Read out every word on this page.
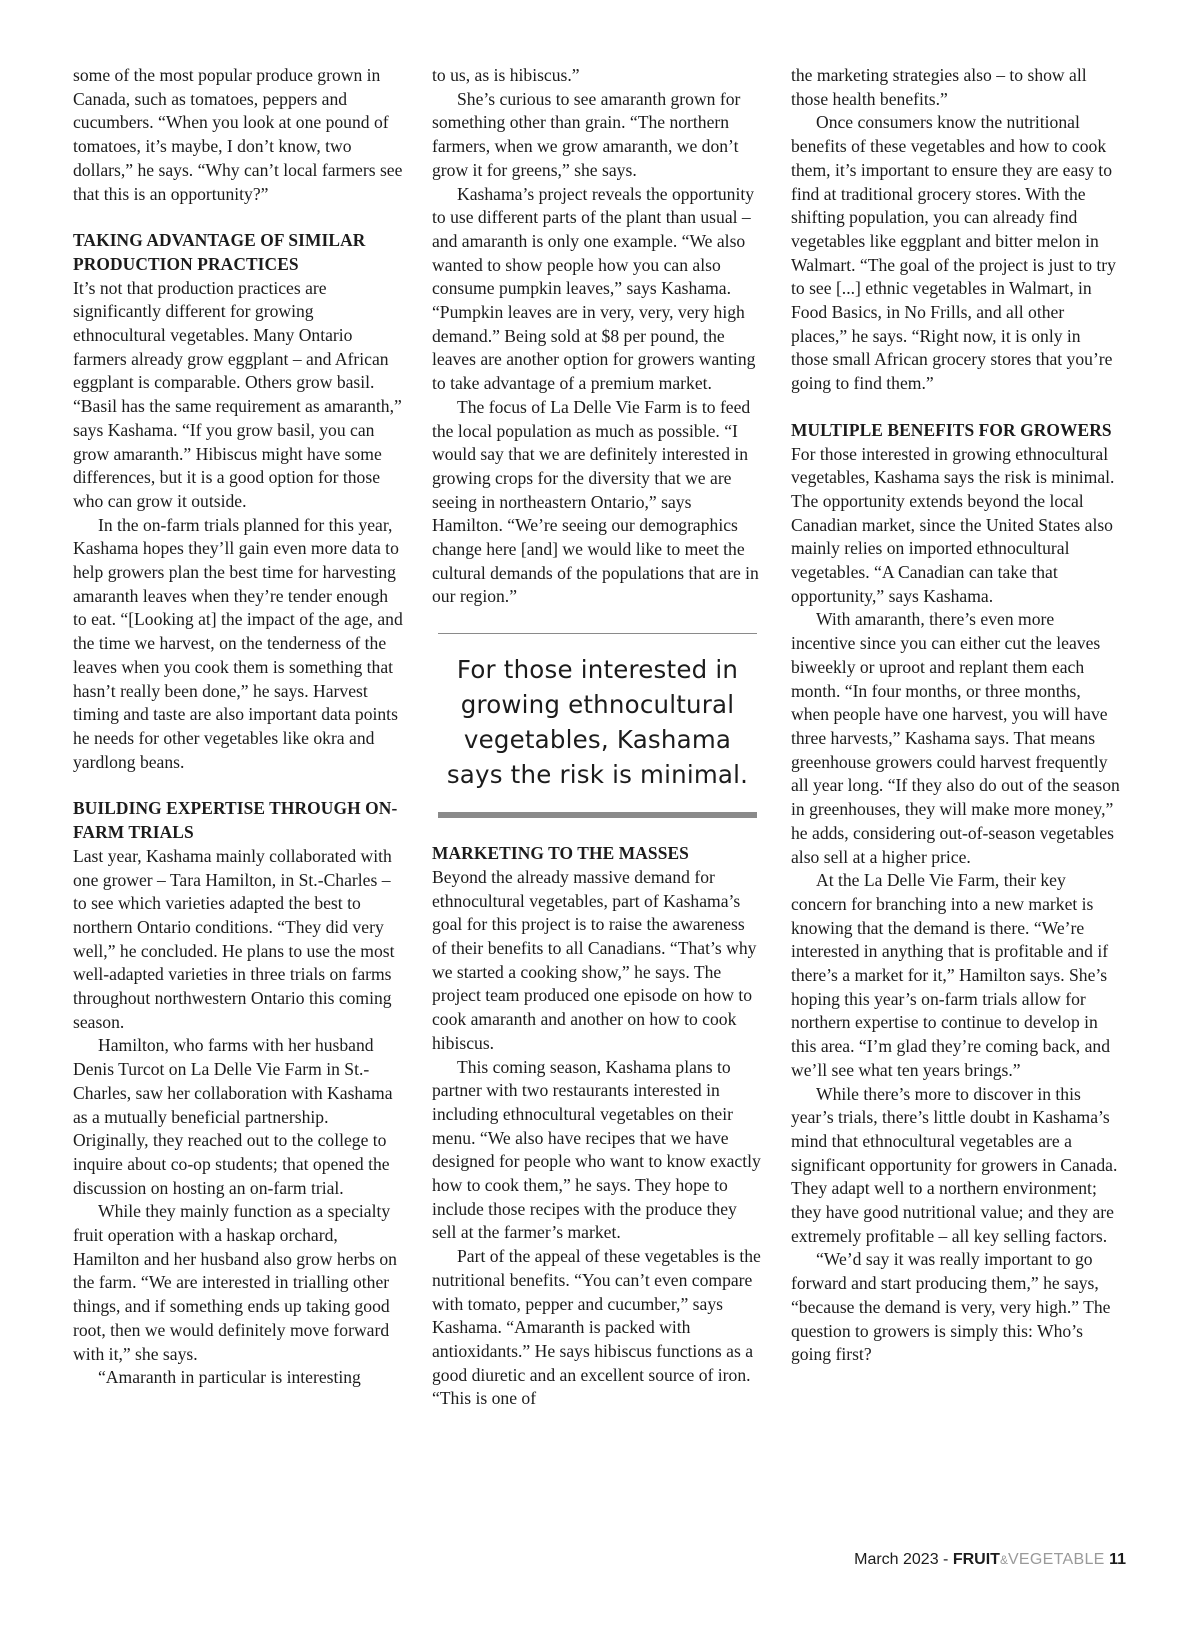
some of the most popular produce grown in Canada, such as tomatoes, peppers and cucumbers. “When you look at one pound of tomatoes, it’s maybe, I don’t know, two dollars,” he says. “Why can’t local farmers see that this is an opportunity?”

TAKING ADVANTAGE OF SIMILAR PRODUCTION PRACTICES

It’s not that production practices are significantly different for growing ethnocultural vegetables. Many Ontario farmers already grow eggplant – and African eggplant is comparable. Others grow basil. “Basil has the same requirement as amaranth,” says Kashama. “If you grow basil, you can grow amaranth.” Hibiscus might have some differences, but it is a good option for those who can grow it outside.

In the on-farm trials planned for this year, Kashama hopes they’ll gain even more data to help growers plan the best time for harvesting amaranth leaves when they’re tender enough to eat. “[Looking at] the impact of the age, and the time we harvest, on the tenderness of the leaves when you cook them is something that hasn’t really been done,” he says. Harvest timing and taste are also important data points he needs for other vegetables like okra and yardlong beans.

BUILDING EXPERTISE THROUGH ON-FARM TRIALS

Last year, Kashama mainly collaborated with one grower – Tara Hamilton, in St.-Charles – to see which varieties adapted the best to northern Ontario conditions. “They did very well,” he concluded. He plans to use the most well-adapted varieties in three trials on farms throughout northwestern Ontario this coming season.

Hamilton, who farms with her husband Denis Turcot on La Delle Vie Farm in St.-Charles, saw her collaboration with Kashama as a mutually beneficial partnership. Originally, they reached out to the college to inquire about co-op students; that opened the discussion on hosting an on-farm trial.

While they mainly function as a specialty fruit operation with a haskap orchard, Hamilton and her husband also grow herbs on the farm. “We are interested in trialling other things, and if something ends up taking good root, then we would definitely move forward with it,” she says.

“Amaranth in particular is interesting

to us, as is hibiscus.”

She’s curious to see amaranth grown for something other than grain. “The northern farmers, when we grow amaranth, we don’t grow it for greens,” she says.

Kashama’s project reveals the opportunity to use different parts of the plant than usual – and amaranth is only one example. “We also wanted to show people how you can also consume pumpkin leaves,” says Kashama. “Pumpkin leaves are in very, very, very high demand.” Being sold at $8 per pound, the leaves are another option for growers wanting to take advantage of a premium market.

The focus of La Delle Vie Farm is to feed the local population as much as possible. “I would say that we are definitely interested in growing crops for the diversity that we are seeing in northeastern Ontario,” says Hamilton. “We’re seeing our demographics change here [and] we would like to meet the cultural demands of the populations that are in our region.”

For those interested in growing ethnocultural vegetables, Kashama says the risk is minimal.
MARKETING TO THE MASSES

Beyond the already massive demand for ethnocultural vegetables, part of Kashama’s goal for this project is to raise the awareness of their benefits to all Canadians. “That’s why we started a cooking show,” he says. The project team produced one episode on how to cook amaranth and another on how to cook hibiscus.

This coming season, Kashama plans to partner with two restaurants interested in including ethnocultural vegetables on their menu. “We also have recipes that we have designed for people who want to know exactly how to cook them,” he says. They hope to include those recipes with the produce they sell at the farmer’s market.

Part of the appeal of these vegetables is the nutritional benefits. “You can’t even compare with tomato, pepper and cucumber,” says Kashama. “Amaranth is packed with antioxidants.” He says hibiscus functions as a good diuretic and an excellent source of iron. “This is one of

the marketing strategies also – to show all those health benefits.”

Once consumers know the nutritional benefits of these vegetables and how to cook them, it’s important to ensure they are easy to find at traditional grocery stores. With the shifting population, you can already find vegetables like eggplant and bitter melon in Walmart. “The goal of the project is just to try to see [...] ethnic vegetables in Walmart, in Food Basics, in No Frills, and all other places,” he says. “Right now, it is only in those small African grocery stores that you’re going to find them.”

MULTIPLE BENEFITS FOR GROWERS

For those interested in growing ethnocultural vegetables, Kashama says the risk is minimal. The opportunity extends beyond the local Canadian market, since the United States also mainly relies on imported ethnocultural vegetables. “A Canadian can take that opportunity,” says Kashama.

With amaranth, there’s even more incentive since you can either cut the leaves biweekly or uproot and replant them each month. “In four months, or three months, when people have one harvest, you will have three harvests,” Kashama says. That means greenhouse growers could harvest frequently all year long. “If they also do out of the season in greenhouses, they will make more money,” he adds, considering out-of-season vegetables also sell at a higher price.

At the La Delle Vie Farm, their key concern for branching into a new market is knowing that the demand is there. “We’re interested in anything that is profitable and if there’s a market for it,” Hamilton says. She’s hoping this year’s on-farm trials allow for northern expertise to continue to develop in this area. “I’m glad they’re coming back, and we’ll see what ten years brings.”

While there’s more to discover in this year’s trials, there’s little doubt in Kashama’s mind that ethnocultural vegetables are a significant opportunity for growers in Canada. They adapt well to a northern environment; they have good nutritional value; and they are extremely profitable – all key selling factors.

“We’d say it was really important to go forward and start producing them,” he says, “because the demand is very, very high.” The question to growers is simply this: Who’s going first?

March 2023 - FRUIT&VEGETABLE 11
